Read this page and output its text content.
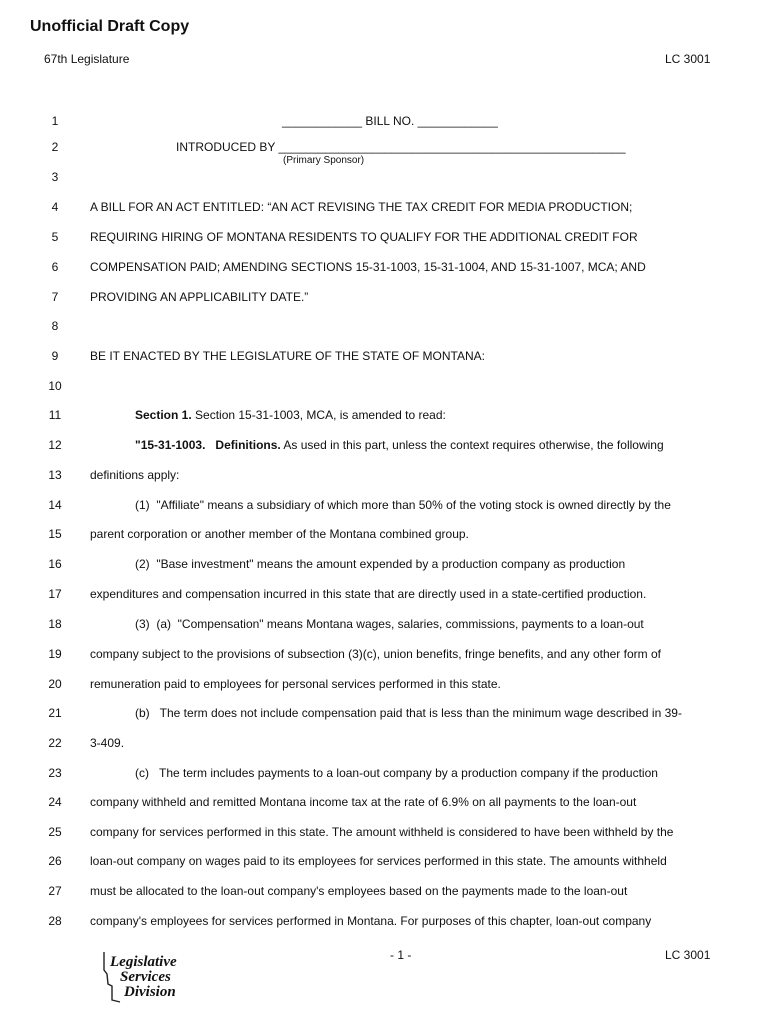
Unofficial Draft Copy
67th Legislature	LC 3001
1	____________ BILL NO. ____________
2	INTRODUCED BY ____________________________________________________
(Primary Sponsor)
3
4	A BILL FOR AN ACT ENTITLED: “AN ACT REVISING THE TAX CREDIT FOR MEDIA PRODUCTION;
5	REQUIRING HIRING OF MONTANA RESIDENTS TO QUALIFY FOR THE ADDITIONAL CREDIT FOR
6	COMPENSATION PAID; AMENDING SECTIONS 15-31-1003, 15-31-1004, AND 15-31-1007, MCA; AND
7	PROVIDING AN APPLICABILITY DATE.”
8
9	BE IT ENACTED BY THE LEGISLATURE OF THE STATE OF MONTANA:
10
11	Section 1. Section 15-31-1003, MCA, is amended to read:
12	"15-31-1003.   Definitions. As used in this part, unless the context requires otherwise, the following
13	definitions apply:
14	(1)  "Affiliate" means a subsidiary of which more than 50% of the voting stock is owned directly by the
15	parent corporation or another member of the Montana combined group.
16	(2)  "Base investment" means the amount expended by a production company as production
17	expenditures and compensation incurred in this state that are directly used in a state-certified production.
18	(3)  (a)  "Compensation" means Montana wages, salaries, commissions, payments to a loan-out
19	company subject to the provisions of subsection (3)(c), union benefits, fringe benefits, and any other form of
20	remuneration paid to employees for personal services performed in this state.
21	(b)   The term does not include compensation paid that is less than the minimum wage described in 39-
22	3-409.
23	(c)   The term includes payments to a loan-out company by a production company if the production
24	company withheld and remitted Montana income tax at the rate of 6.9% on all payments to the loan-out
25	company for services performed in this state. The amount withheld is considered to have been withheld by the
26	loan-out company on wages paid to its employees for services performed in this state. The amounts withheld
27	must be allocated to the loan-out company's employees based on the payments made to the loan-out
28	company's employees for services performed in Montana. For purposes of this chapter, loan-out company
Legislative
Services
Division
- 1 -	LC 3001
